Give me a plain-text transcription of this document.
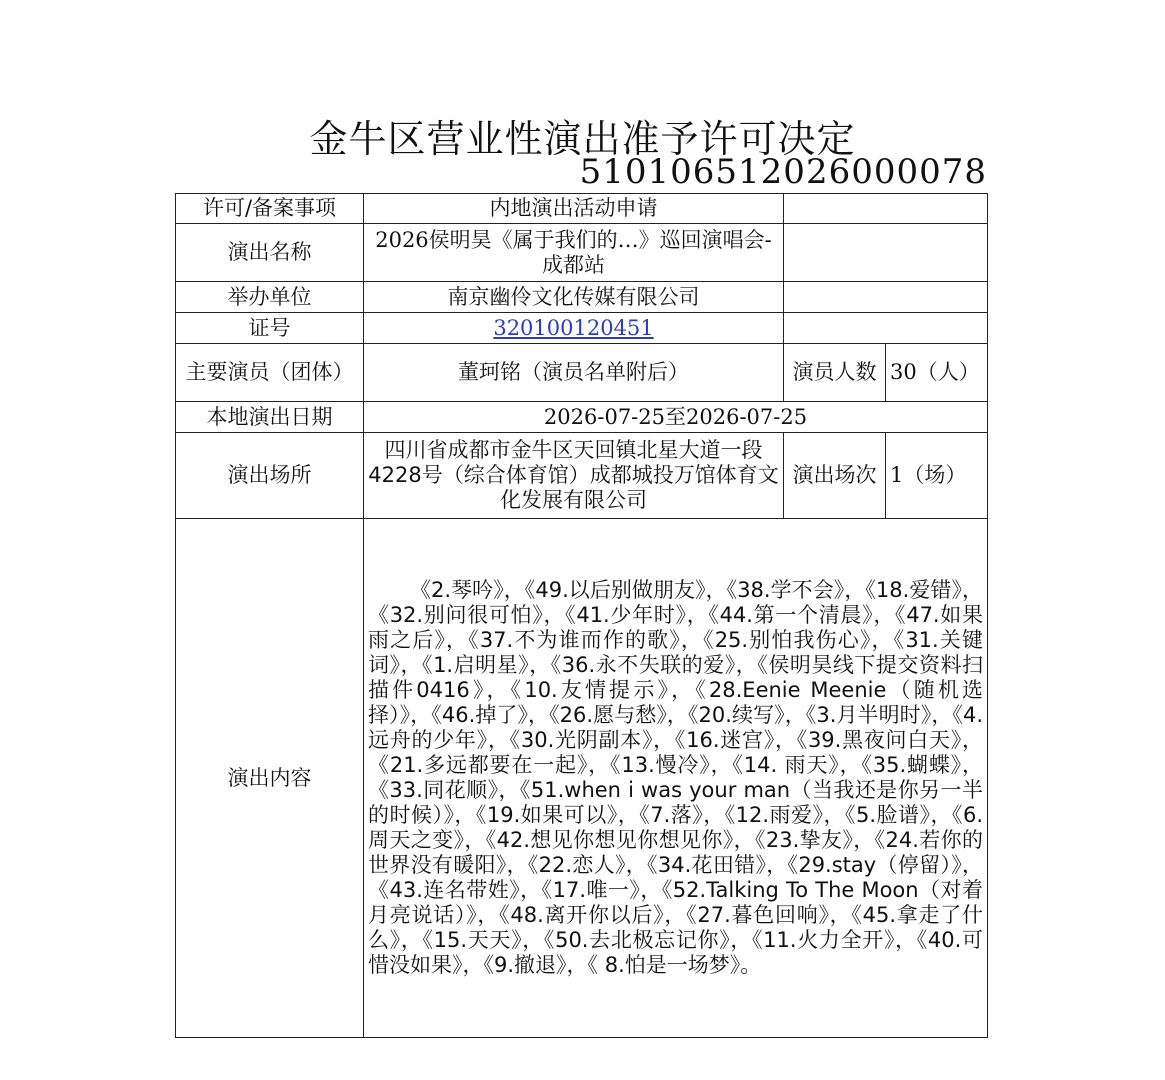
金牛区营业性演出准予许可决定
510106512026000078
许可/备案事项	内地演出活动申请		
演出名称	2026侯明昊《属于我们的…》巡回演唱会-成都站		
举办单位	南京幽伶文化传媒有限公司		
证号	320100120451		
主要演员（团体）	董珂铭（演员名单附后）	演员人数	30（人）
本地演出日期	2026-07-25至2026-07-25		
演出场所	四川省成都市金牛区天回镇北星大道一段4228号（综合体育馆）成都城投万馆体育文化发展有限公司	演出场次	1（场）
演出内容	《2.琴吟》，《49.以后别做朋友》，《38.学不会》，《18.爱错》，《32.别问很可怕》，《41.少年时》，《44.第一个清晨》，《47.如果雨之后》，《37.不为谁而作的歌》，《25.别怕我伤心》，《31.关键词》，《1.启明星》，《36.永不失联的爱》，《侯明昊线下提交资料扫描件0416》，《10.友情提示》，《28.Eenie Meenie（随机选择）》，《46.掉了》，《26.愿与愁》，《20.续写》，《3.月半明时》，《4.远舟的少年》，《30.光阴副本》，《16.迷宫》，《39.黑夜问白天》，《21.多远都要在一起》，《13.慢冷》，《14. 雨天》，《35.蝴蝶》，《33.同花顺》，《51.when i was your man（当我还是你另一半的时候）》，《19.如果可以》，《7.落》，《12.雨爱》，《5.脸谱》，《6.周天之变》，《42.想见你想见你想见你》，《23.挚友》，《24.若你的世界没有暖阳》，《22.恋人》，《34.花田错》，《29.stay（停留）》，《43.连名带姓》，《17.唯一》，《52.Talking To The Moon（对着月亮说话）》，《48.离开你以后》，《27.暮色回响》，《45.拿走了什么》，《15.天天》，《50.去北极忘记你》，《11.火力全开》，《40.可惜没如果》，《9.撤退》，《 8.怕是一场梦》。		
